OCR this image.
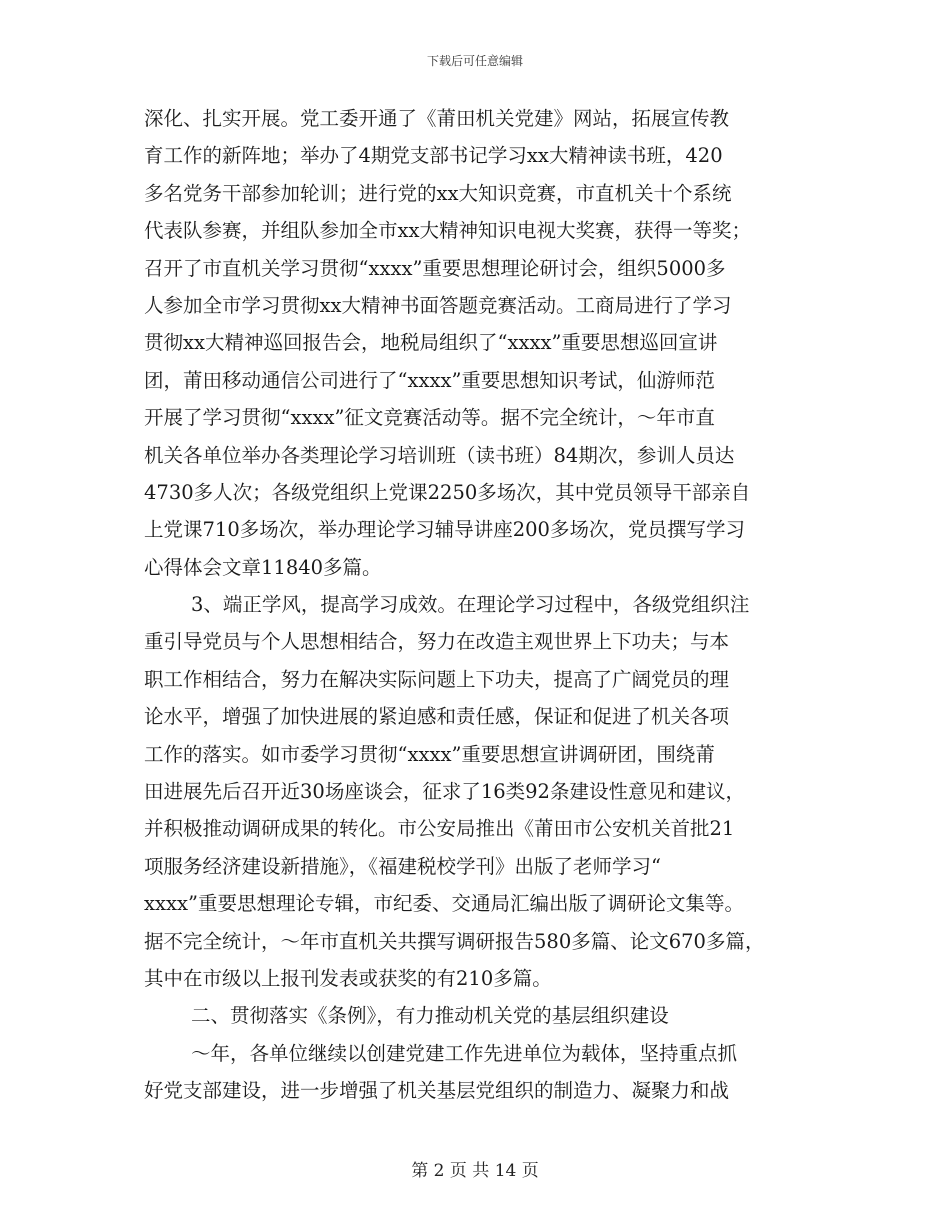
下载后可任意编辑
深化、扎实开展。党工委开通了《莆田机关党建》网站，拓展宣传教
育工作的新阵地；举办了4期党支部书记学习xx大精神读书班，420
多名党务干部参加轮训；进行党的xx大知识竞赛，市直机关十个系统
代表队参赛，并组队参加全市xx大精神知识电视大奖赛，获得一等奖；
召开了市直机关学习贯彻“xxxx”重要思想理论研讨会，组织5000多
人参加全市学习贯彻xx大精神书面答题竞赛活动。工商局进行了学习
贯彻xx大精神巡回报告会，地税局组织了“xxxx”重要思想巡回宣讲
团，莆田移动通信公司进行了“xxxx”重要思想知识考试，仙游师范
开展了学习贯彻“xxxx”征文竞赛活动等。据不完全统计，～年市直
机关各单位举办各类理论学习培训班（读书班）84期次，参训人员达
4730多人次；各级党组织上党课2250多场次，其中党员领导干部亲自
上党课710多场次，举办理论学习辅导讲座200多场次，党员撰写学习
心得体会文章11840多篇。
3、端正学风，提高学习成效。在理论学习过程中，各级党组织注
重引导党员与个人思想相结合，努力在改造主观世界上下功夫；与本
职工作相结合，努力在解决实际问题上下功夫，提高了广阔党员的理
论水平，增强了加快进展的紧迫感和责任感，保证和促进了机关各项
工作的落实。如市委学习贯彻“xxxx”重要思想宣讲调研团，围绕莆
田进展先后召开近30场座谈会，征求了16类92条建设性意见和建议，
并积极推动调研成果的转化。市公安局推出《莆田市公安机关首批21
项服务经济建设新措施》，《福建税校学刊》出版了老师学习“
xxxx”重要思想理论专辑，市纪委、交通局汇编出版了调研论文集等。
据不完全统计，～年市直机关共撰写调研报告580多篇、论文670多篇，
其中在市级以上报刊发表或获奖的有210多篇。
二、贯彻落实《条例》，有力推动机关党的基层组织建设
～年，各单位继续以创建党建工作先进单位为载体，坚持重点抓
好党支部建设，进一步增强了机关基层党组织的制造力、凝聚力和战
第 2 页 共 14 页
